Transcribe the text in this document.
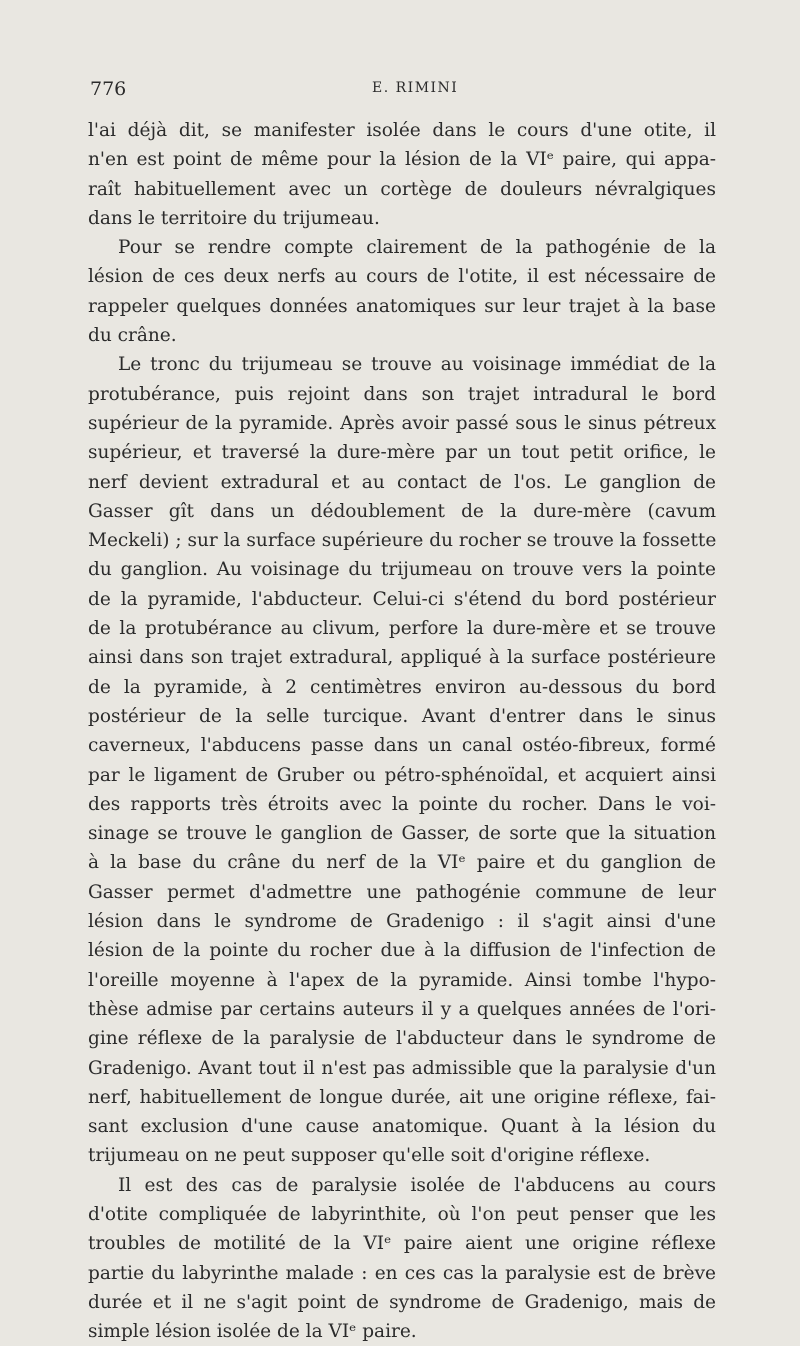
776	E. RIMINI
l'ai déjà dit, se manifester isolée dans le cours d'une otite, il
n'en est point de même pour la lésion de la VIᵉ paire, qui appa-
raît habituellement avec un cortège de douleurs névralgiques
dans le territoire du trijumeau.
Pour se rendre compte clairement de la pathogénie de la
lésion de ces deux nerfs au cours de l'otite, il est nécessaire de
rappeler quelques données anatomiques sur leur trajet à la base
du crâne.
Le tronc du trijumeau se trouve au voisinage immédiat de la
protubérance, puis rejoint dans son trajet intradural le bord
supérieur de la pyramide. Après avoir passé sous le sinus pétreux
supérieur, et traversé la dure-mère par un tout petit orifice, le
nerf devient extradural et au contact de l'os. Le ganglion de
Gasser gît dans un dédoublement de la dure-mère (cavum
Meckeli) ; sur la surface supérieure du rocher se trouve la fossette
du ganglion. Au voisinage du trijumeau on trouve vers la pointe
de la pyramide, l'abducteur. Celui-ci s'étend du bord postérieur
de la protubérance au clivum, perfore la dure-mère et se trouve
ainsi dans son trajet extradural, appliqué à la surface postérieure
de la pyramide, à 2 centimètres environ au-dessous du bord
postérieur de la selle turcique. Avant d'entrer dans le sinus
caverneux, l'abducens passe dans un canal ostéo-fibreux, formé
par le ligament de Gruber ou pétro-sphénoïdal, et acquiert ainsi
des rapports très étroits avec la pointe du rocher. Dans le voi-
sinage se trouve le ganglion de Gasser, de sorte que la situation
à la base du crâne du nerf de la VIᵉ paire et du ganglion de
Gasser permet d'admettre une pathogénie commune de leur
lésion dans le syndrome de Gradenigo : il s'agit ainsi d'une
lésion de la pointe du rocher due à la diffusion de l'infection de
l'oreille moyenne à l'apex de la pyramide. Ainsi tombe l'hypo-
thèse admise par certains auteurs il y a quelques années de l'ori-
gine réflexe de la paralysie de l'abducteur dans le syndrome de
Gradenigo. Avant tout il n'est pas admissible que la paralysie d'un
nerf, habituellement de longue durée, ait une origine réflexe, fai-
sant exclusion d'une cause anatomique. Quant à la lésion du
trijumeau on ne peut supposer qu'elle soit d'origine réflexe.
Il est des cas de paralysie isolée de l'abducens au cours
d'otite compliquée de labyrinthite, où l'on peut penser que les
troubles de motilité de la VIᵉ paire aient une origine réflexe
partie du labyrinthe malade : en ces cas la paralysie est de brève
durée et il ne s'agit point de syndrome de Gradenigo, mais de
simple lésion isolée de la VIᵉ paire.
